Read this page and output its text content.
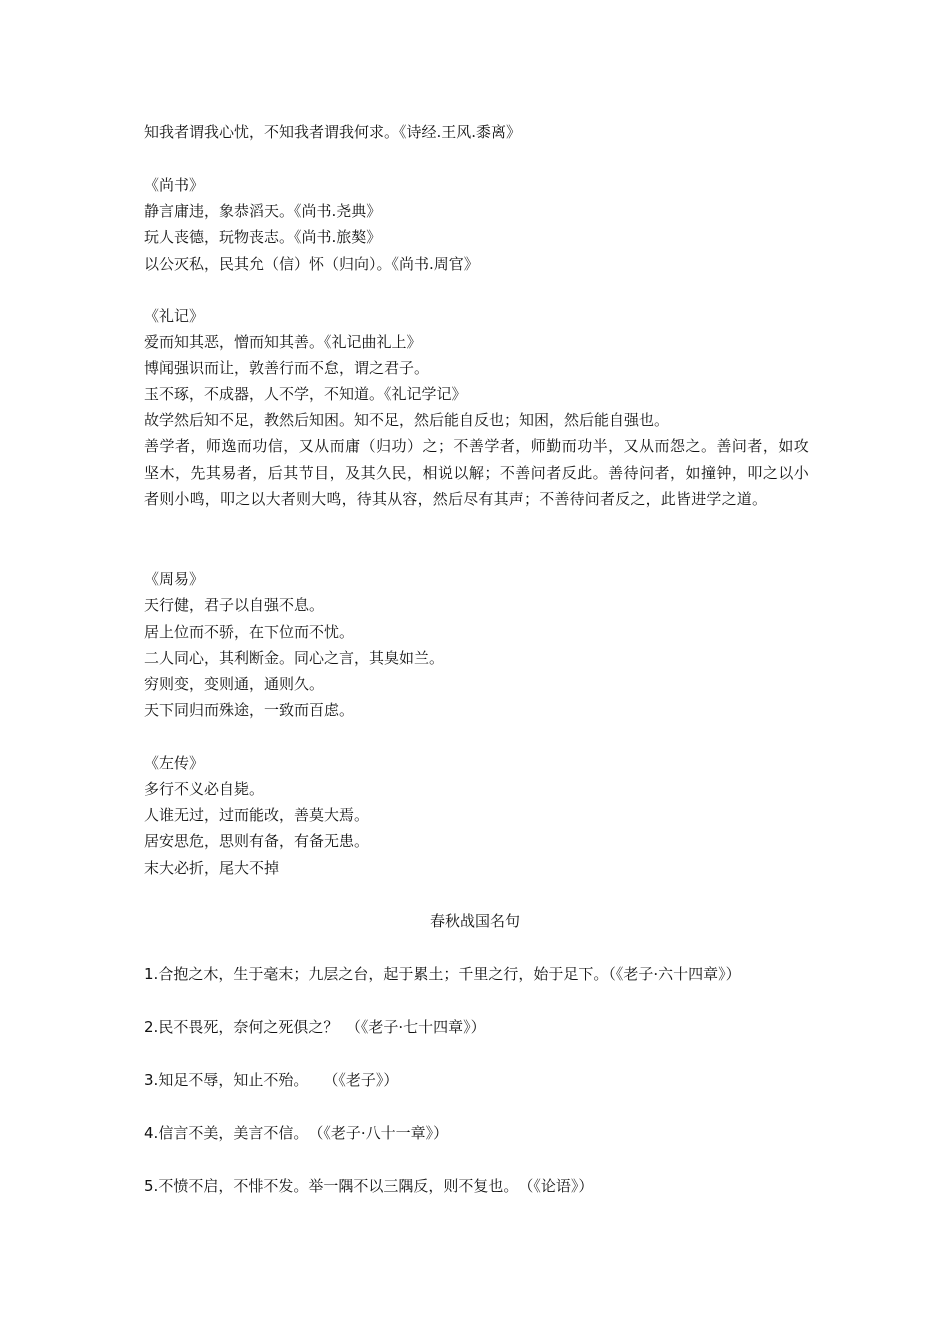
知我者谓我心忧，不知我者谓我何求。《诗经.王风.黍离》
《尚书》
静言庸违，象恭滔天。《尚书.尧典》
玩人丧德，玩物丧志。《尚书.旅獒》
以公灭私，民其允（信）怀（归向）。《尚书.周官》
《礼记》
爱而知其恶，憎而知其善。《礼记曲礼上》
博闻强识而让，敦善行而不怠，谓之君子。
玉不琢，不成器，人不学，不知道。《礼记学记》
故学然后知不足，教然后知困。知不足，然后能自反也；知困，然后能自强也。
善学者，师逸而功信，又从而庸（归功）之；不善学者，师勤而功半，又从而怨之。善问者，如攻坚木，先其易者，后其节目，及其久民，相说以解；不善问者反此。善待问者，如撞钟，叩之以小者则小鸣，叩之以大者则大鸣，待其从容，然后尽有其声；不善待问者反之，此皆进学之道。
《周易》
天行健，君子以自强不息。
居上位而不骄，在下位而不忧。
二人同心，其利断金。同心之言，其臭如兰。
穷则变，变则通，通则久。
天下同归而殊途，一致而百虑。
《左传》
多行不义必自毙。
人谁无过，过而能改，善莫大焉。
居安思危，思则有备，有备无患。
末大必折，尾大不掉
春秋战国名句
1.合抱之木，生于毫末；九层之台，起于累土；千里之行，始于足下。（《老子·六十四章》）
2.民不畏死，奈何之死俱之？　（《老子·七十四章》）
3.知足不辱，知止不殆。　　（《老子》）
4.信言不美，美言不信。　（《老子·八十一章》）
5.不愤不启，不悱不发。举一隅不以三隅反，则不复也。　（《论语》）
